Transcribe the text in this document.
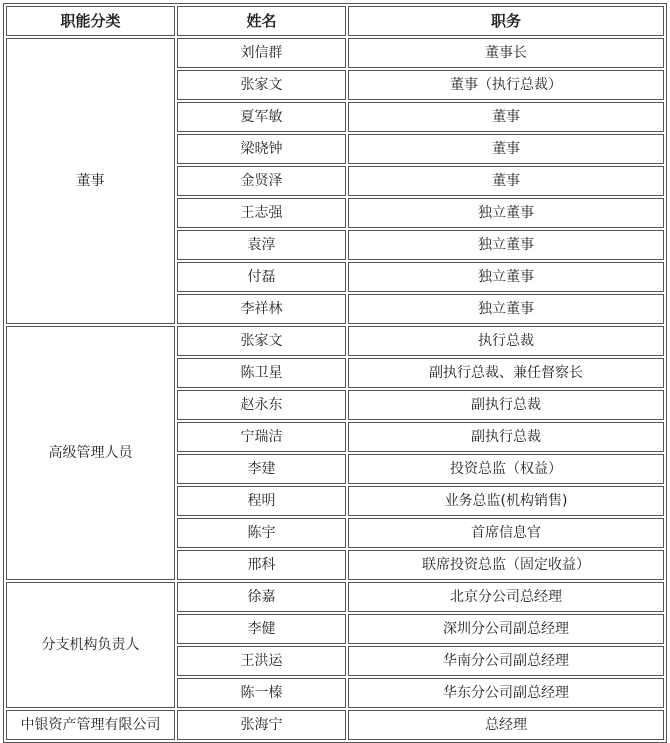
职能分类	姓名	职务
董事	刘信群	董事长
	张家文	董事（执行总裁）
	夏军敏	董事
	梁晓钟	董事
	金贤泽	董事
	王志强	独立董事
	袁淳	独立董事
	付磊	独立董事
	李祥林	独立董事
高级管理人员	张家文	执行总裁
	陈卫星	副执行总裁、兼任督察长
	赵永东	副执行总裁
	宁瑞洁	副执行总裁
	李建	投资总监（权益）
	程明	业务总监(机构销售)
	陈宇	首席信息官
	邢科	联席投资总监（固定收益）
分支机构负责人	徐嘉	北京分公司总经理
	李健	深圳分公司副总经理
	王洪运	华南分公司副总经理
	陈一榛	华东分公司副总经理
中银资产管理有限公司	张海宁	总经理
